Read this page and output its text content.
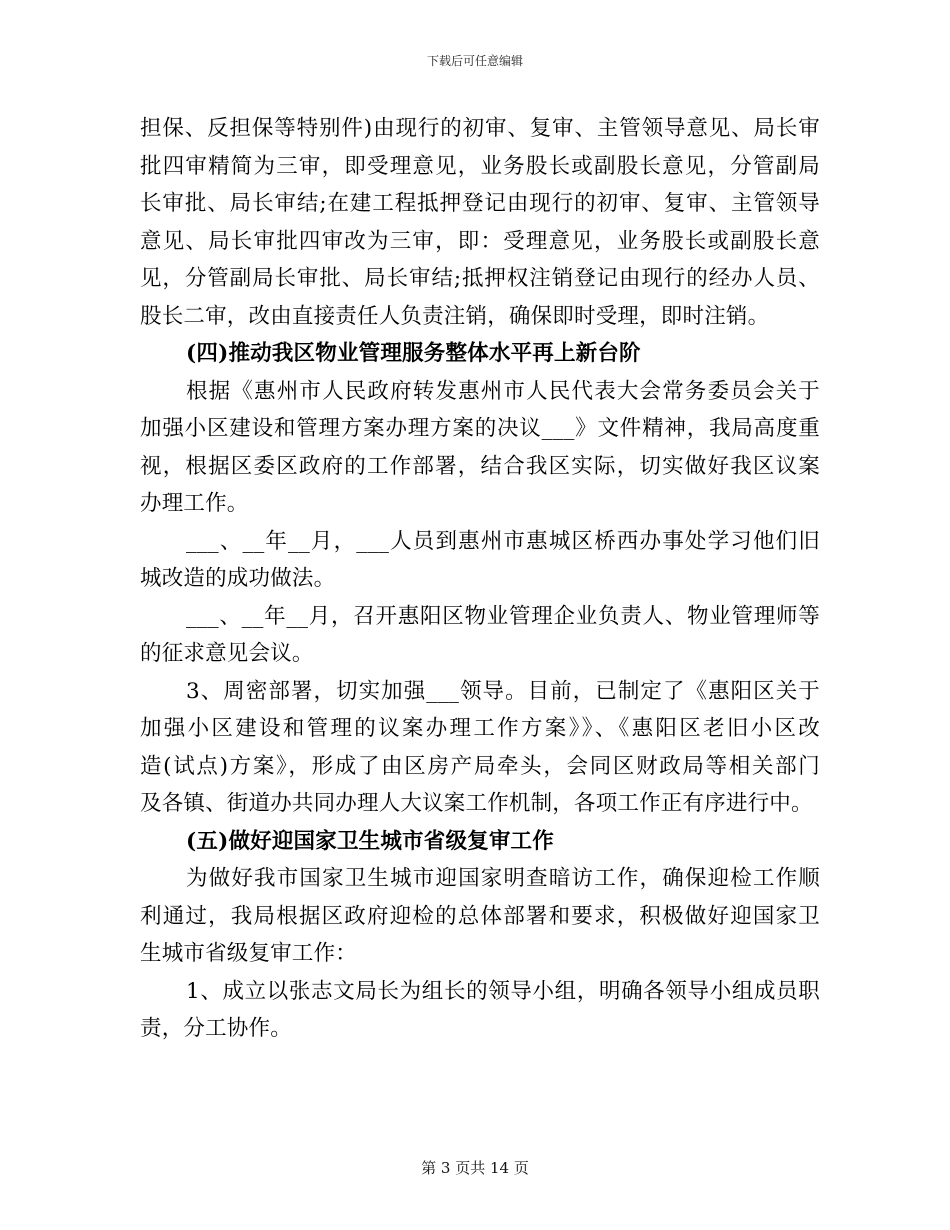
下载后可任意编辑
担保、反担保等特别件)由现行的初审、复审、主管领导意见、局长审
批四审精简为三审，即受理意见，业务股长或副股长意见，分管副局
长审批、局长审结;在建工程抵押登记由现行的初审、复审、主管领导
意见、局长审批四审改为三审，即：受理意见，业务股长或副股长意
见，分管副局长审批、局长审结;抵押权注销登记由现行的经办人员、
股长二审，改由直接责任人负责注销，确保即时受理，即时注销。
(四)推动我区物业管理服务整体水平再上新台阶
根据《惠州市人民政府转发惠州市人民代表大会常务委员会关于
加强小区建设和管理方案办理方案的决议___》文件精神，我局高度重
视，根据区委区政府的工作部署，结合我区实际，切实做好我区议案
办理工作。
___、__年__月，___人员到惠州市惠城区桥西办事处学习他们旧
城改造的成功做法。
___、__年__月，召开惠阳区物业管理企业负责人、物业管理师等
的征求意见会议。
3、周密部署，切实加强___领导。目前，已制定了《惠阳区关于
加强小区建设和管理的议案办理工作方案》》、《惠阳区老旧小区改
造(试点)方案》，形成了由区房产局牵头，会同区财政局等相关部门
及各镇、街道办共同办理人大议案工作机制，各项工作正有序进行中。
(五)做好迎国家卫生城市省级复审工作
为做好我市国家卫生城市迎国家明查暗访工作，确保迎检工作顺
利通过，我局根据区政府迎检的总体部署和要求，积极做好迎国家卫
生城市省级复审工作：
1、成立以张志文局长为组长的领导小组，明确各领导小组成员职
责，分工协作。
第 3 页共 14 页
